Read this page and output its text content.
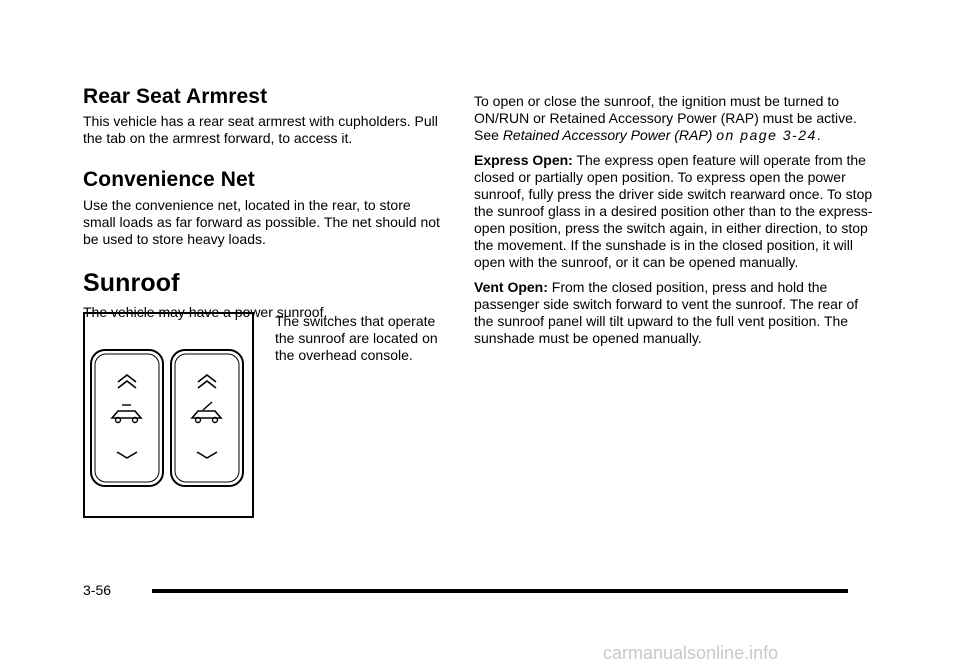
Rear Seat Armrest

This vehicle has a rear seat armrest with cupholders. Pull the tab on the armrest forward, to access it.

Convenience Net

Use the convenience net, located in the rear, to store small loads as far forward as possible. The net should not be used to store heavy loads.

Sunroof

The vehicle may have a power sunroof.

The switches that operate the sunroof are located on the overhead console.

To open or close the sunroof, the ignition must be turned to ON/RUN or Retained Accessory Power (RAP) must be active. See Retained Accessory Power (RAP) on page 3-24.

Express Open: The express open feature will operate from the closed or partially open position. To express open the power sunroof, fully press the driver side switch rearward once. To stop the sunroof glass in a desired position other than to the express-open position, press the switch again, in either direction, to stop the movement. If the sunshade is in the closed position, it will open with the sunroof, or it can be opened manually.

Vent Open: From the closed position, press and hold the passenger side switch forward to vent the sunroof. The rear of the sunroof panel will tilt upward to the full vent position. The sunshade must be opened manually.

3-56
carmanualsonline.info
